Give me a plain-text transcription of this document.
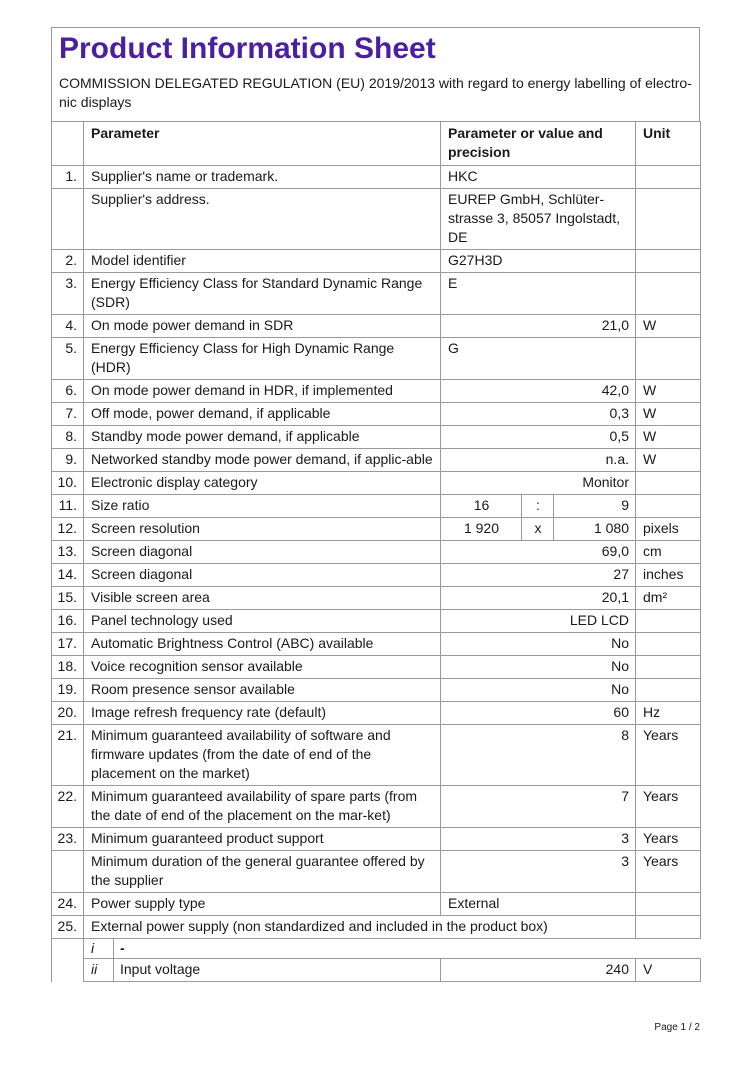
Product Information Sheet
COMMISSION DELEGATED REGULATION (EU) 2019/2013 with regard to energy labelling of electro-nic displays
	Parameter	Parameter or value and precision			Unit
1.	Supplier's name or trademark.	HKC			
	Supplier's address.	EUREP GmbH, Schlüter-strasse 3, 85057 Ingolstadt, DE			
2.	Model identifier	G27H3D			
3.	Energy Efficiency Class for Standard Dynamic Range (SDR)	E			
4.	On mode power demand in SDR	21,0			W
5.	Energy Efficiency Class for High Dynamic Range (HDR)	G			
6.	On mode power demand in HDR, if implemented	42,0			W
7.	Off mode, power demand, if applicable	0,3			W
8.	Standby mode power demand, if applicable	0,5			W
9.	Networked standby mode power demand, if applic-able	n.a.			W
10.	Electronic display category	Monitor			
11.	Size ratio	16	:	9	
12.	Screen resolution	1 920	x	1 080	pixels
13.	Screen diagonal	69,0			cm
14.	Screen diagonal	27			inches
15.	Visible screen area	20,1			dm²
16.	Panel technology used	LED LCD			
17.	Automatic Brightness Control (ABC) available	No			
18.	Voice recognition sensor available	No			
19.	Room presence sensor available	No			
20.	Image refresh frequency rate (default)	60			Hz
21.	Minimum guaranteed availability of software and firmware updates (from the date of end of the placement on the market)	8			Years
22.	Minimum guaranteed availability of spare parts (from the date of end of the placement on the mar-ket)	7			Years
23.	Minimum guaranteed product support	3			Years
	Minimum duration of the general guarantee offered by the supplier	3			Years
24.	Power supply type	External			
25.	External power supply (non standardized and included in the product box)				

	i -				

	ii Input voltage	240			V
Page 1 / 2
